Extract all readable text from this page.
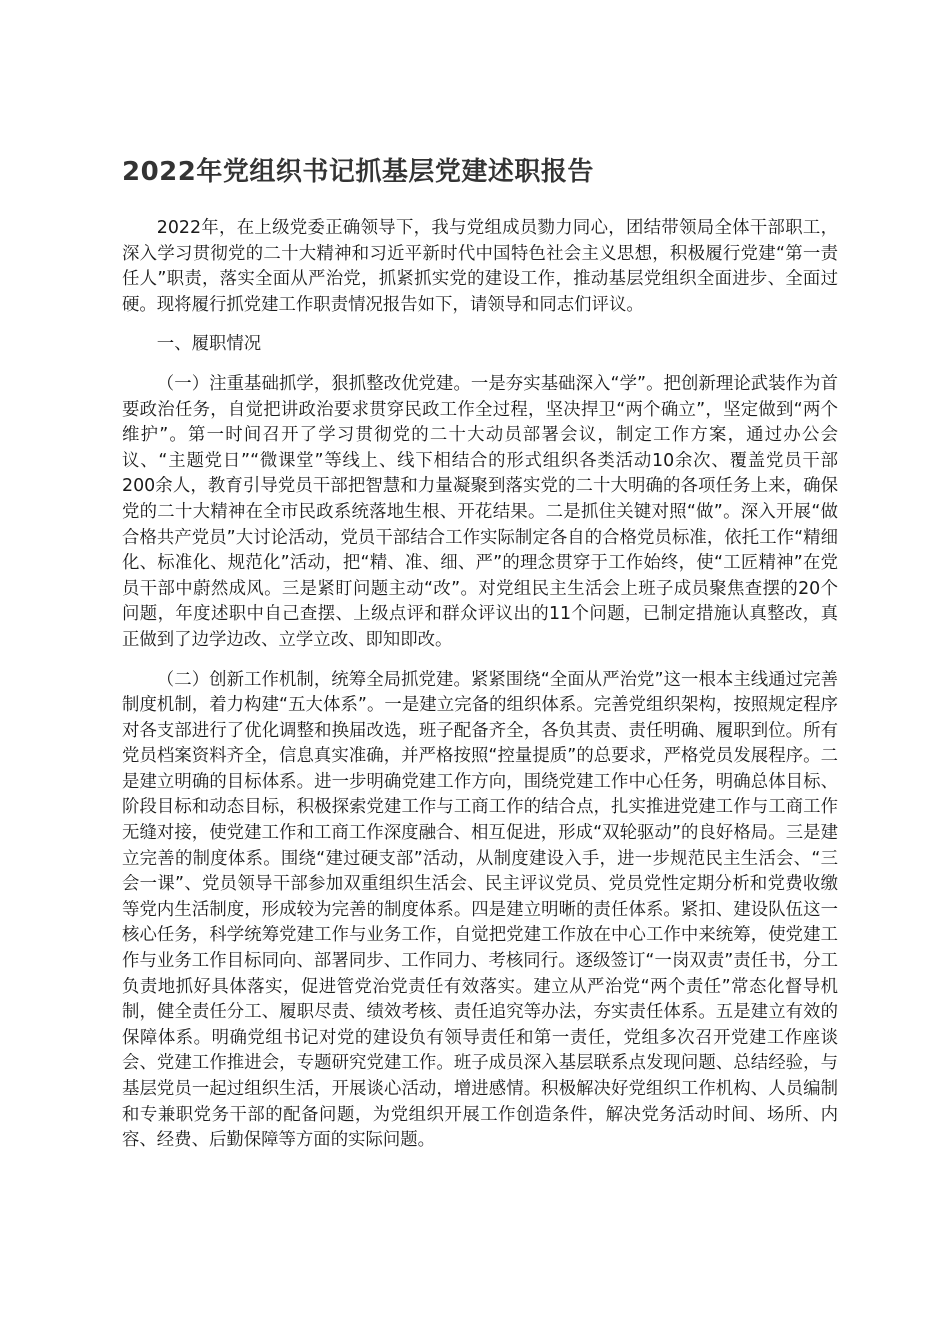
2022年党组织书记抓基层党建述职报告

2022年，在上级党委正确领导下，我与党组成员勠力同心，团结带领局全体干部职工，深入学习贯彻党的二十大精神和习近平新时代中国特色社会主义思想，积极履行党建“第一责任人”职责，落实全面从严治党，抓紧抓实党的建设工作，推动基层党组织全面进步、全面过硬。现将履行抓党建工作职责情况报告如下，请领导和同志们评议。

一、履职情况

（一）注重基础抓学，狠抓整改优党建。一是夯实基础深入“学”。把创新理论武装作为首要政治任务，自觉把讲政治要求贯穿民政工作全过程，坚决捍卫“两个确立”，坚定做到“两个维护”。第一时间召开了学习贯彻党的二十大动员部署会议，制定工作方案，通过办公会议、“主题党日”“微课堂”等线上、线下相结合的形式组织各类活动10余次、覆盖党员干部200余人，教育引导党员干部把智慧和力量凝聚到落实党的二十大明确的各项任务上来，确保党的二十大精神在全市民政系统落地生根、开花结果。二是抓住关键对照“做”。深入开展“做合格共产党员”大讨论活动，党员干部结合工作实际制定各自的合格党员标准，依托工作“精细化、标准化、规范化”活动，把“精、准、细、严”的理念贯穿于工作始终，使“工匠精神”在党员干部中蔚然成风。三是紧盯问题主动“改”。对党组民主生活会上班子成员聚焦查摆的20个问题，年度述职中自己查摆、上级点评和群众评议出的11个问题，已制定措施认真整改，真正做到了边学边改、立学立改、即知即改。

（二）创新工作机制，统筹全局抓党建。紧紧围绕“全面从严治党”这一根本主线通过完善制度机制，着力构建“五大体系”。一是建立完备的组织体系。完善党组织架构，按照规定程序对各支部进行了优化调整和换届改选，班子配备齐全，各负其责、责任明确、履职到位。所有党员档案资料齐全，信息真实准确，并严格按照“控量提质”的总要求，严格党员发展程序。二是建立明确的目标体系。进一步明确党建工作方向，围绕党建工作中心任务，明确总体目标、阶段目标和动态目标，积极探索党建工作与工商工作的结合点，扎实推进党建工作与工商工作无缝对接，使党建工作和工商工作深度融合、相互促进，形成“双轮驱动”的良好格局。三是建立完善的制度体系。围绕“建过硬支部”活动，从制度建设入手，进一步规范民主生活会、“三会一课”、党员领导干部参加双重组织生活会、民主评议党员、党员党性定期分析和党费收缴等党内生活制度，形成较为完善的制度体系。四是建立明晰的责任体系。紧扣、建设队伍这一核心任务，科学统筹党建工作与业务工作，自觉把党建工作放在中心工作中来统筹，使党建工作与业务工作目标同向、部署同步、工作同力、考核同行。逐级签订“一岗双责”责任书，分工负责地抓好具体落实，促进管党治党责任有效落实。建立从严治党“两个责任”常态化督导机制，健全责任分工、履职尽责、绩效考核、责任追究等办法，夯实责任体系。五是建立有效的保障体系。明确党组书记对党的建设负有领导责任和第一责任，党组多次召开党建工作座谈会、党建工作推进会，专题研究党建工作。班子成员深入基层联系点发现问题、总结经验，与基层党员一起过组织生活，开展谈心活动，增进感情。积极解决好党组织工作机构、人员编制和专兼职党务干部的配备问题，为党组织开展工作创造条件，解决党务活动时间、场所、内容、经费、后勤保障等方面的实际问题。
